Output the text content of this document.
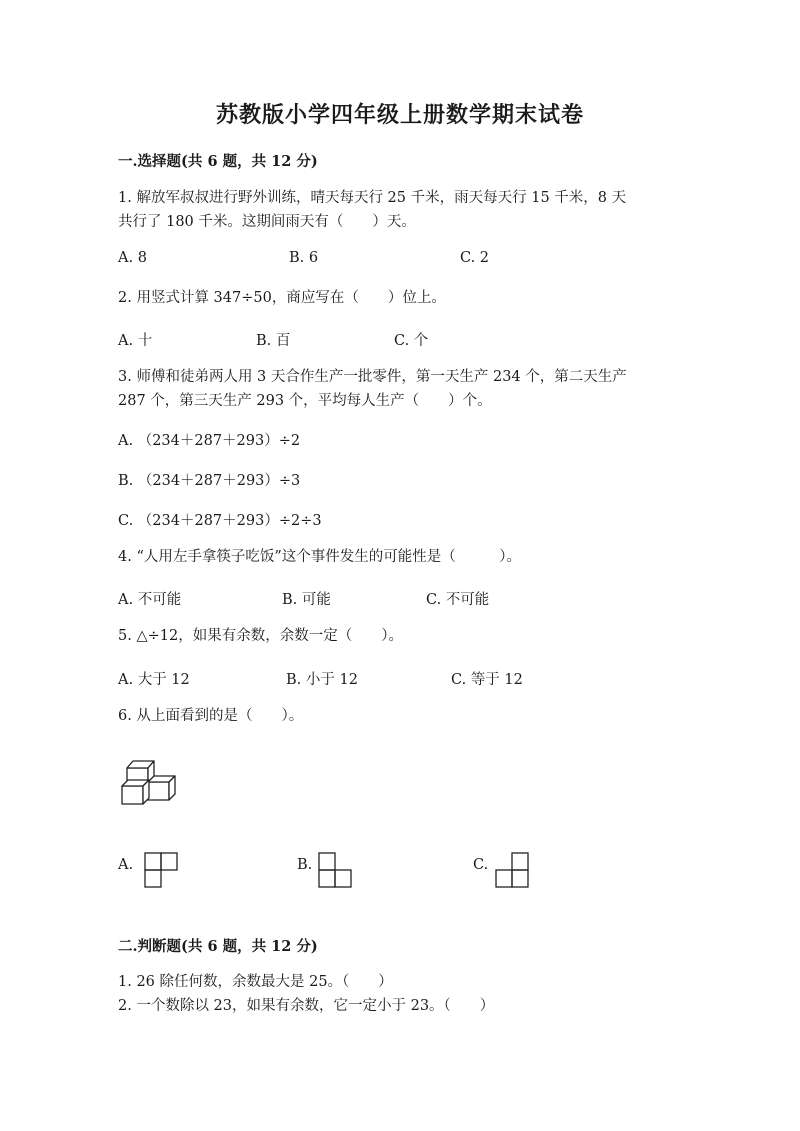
苏教版小学四年级上册数学期末试卷
一.选择题(共 6 题，共 12 分)
1. 解放军叔叔进行野外训练，晴天每天行 25 千米，雨天每天行 15 千米，8 天
共行了 180 千米。这期间雨天有（　　）天。
A. 8	B. 6	C. 2
2. 用竖式计算 347÷50，商应写在（　　）位上。
A. 十	B. 百	C. 个
3. 师傅和徒弟两人用 3 天合作生产一批零件，第一天生产 234 个，第二天生产
287 个，第三天生产 293 个，平均每人生产（　　）个。
A. （234＋287＋293）÷2
B. （234＋287＋293）÷3
C. （234＋287＋293）÷2÷3
4. “人用左手拿筷子吃饭”这个事件发生的可能性是（　　　）。
A. 不可能	B. 可能	C. 不可能
5. △÷12，如果有余数，余数一定（　　）。
A. 大于 12	B. 小于 12	C. 等于 12
6. 从上面看到的是（　　）。
A.	B.	C.
二.判断题(共 6 题，共 12 分)
1. 26 除任何数，余数最大是 25。（　　）
2. 一个数除以 23，如果有余数，它一定小于 23。（　　）
